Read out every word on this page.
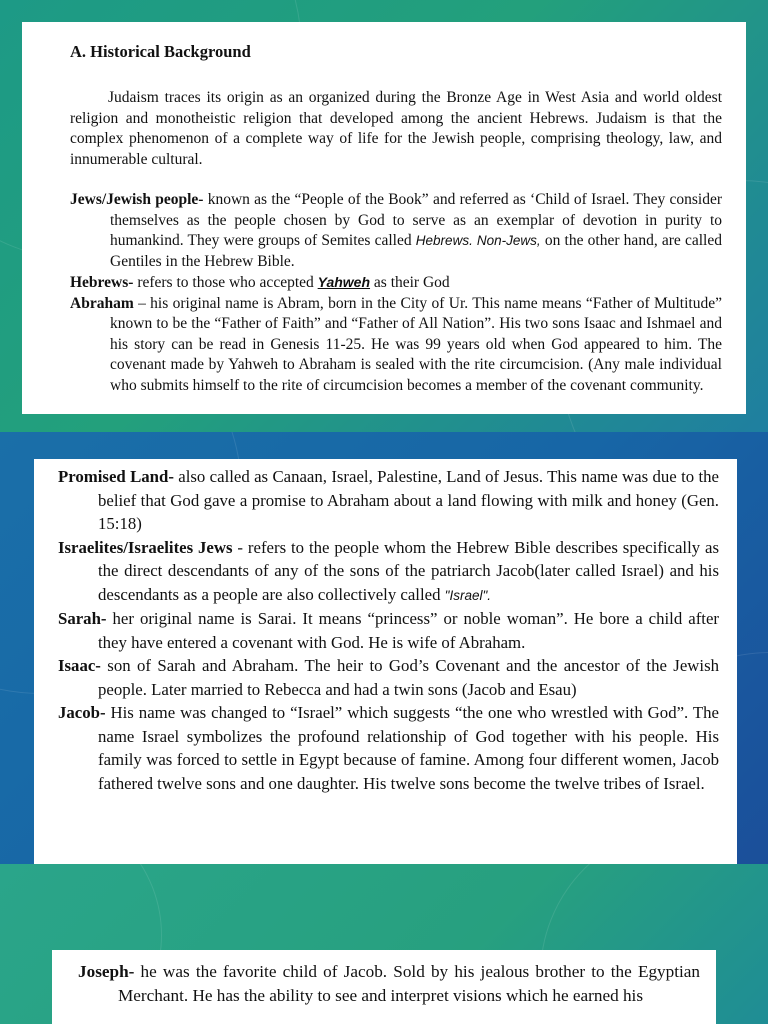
A. Historical Background

Judaism traces its origin as an organized during the Bronze Age in West Asia and world oldest religion and monotheistic religion that developed among the ancient Hebrews. Judaism is that the complex phenomenon of a complete way of life for the Jewish people, comprising theology, law, and innumerable cultural.

Jews/Jewish people- known as the “People of the Book” and referred as ‘Child of Israel. They consider themselves as the people chosen by God to serve as an exemplar of devotion in purity to humankind. They were groups of Semites called Hebrews. Non-Jews, on the other hand, are called Gentiles in the Hebrew Bible.

Hebrews- refers to those who accepted Yahweh as their God

Abraham – his original name is Abram, born in the City of Ur. This name means “Father of Multitude” known to be the “Father of Faith” and “Father of All Nation”. His two sons Isaac and Ishmael and his story can be read in Genesis 11-25. He was 99 years old when God appeared to him. The covenant made by Yahweh to Abraham is sealed with the rite circumcision. (Any male individual who submits himself to the rite of circumcision becomes a member of the covenant community.

Promised Land- also called as Canaan, Israel, Palestine, Land of Jesus. This name was due to the belief that God gave a promise to Abraham about a land flowing with milk and honey (Gen. 15:18)

Israelites/Israelites Jews - refers to the people whom the Hebrew Bible describes specifically as the direct descendants of any of the sons of the patriarch Jacob(later called Israel) and his descendants as a people are also collectively called "Israel".

Sarah- her original name is Sarai. It means “princess” or noble woman”. He bore a child after they have entered a covenant with God. He is wife of Abraham.

Isaac- son of Sarah and Abraham. The heir to God’s Covenant and the ancestor of the Jewish people. Later married to Rebecca and had a twin sons (Jacob and Esau)

Jacob- His name was changed to “Israel” which suggests “the one who wrestled with God”. The name Israel symbolizes the profound relationship of God together with his people. His family was forced to settle in Egypt because of famine. Among four different women, Jacob fathered twelve sons and one daughter. His twelve sons become the twelve tribes of Israel.

Joseph- he was the favorite child of Jacob. Sold by his jealous brother to the Egyptian Merchant. He has the ability to see and interpret visions which he earned his
